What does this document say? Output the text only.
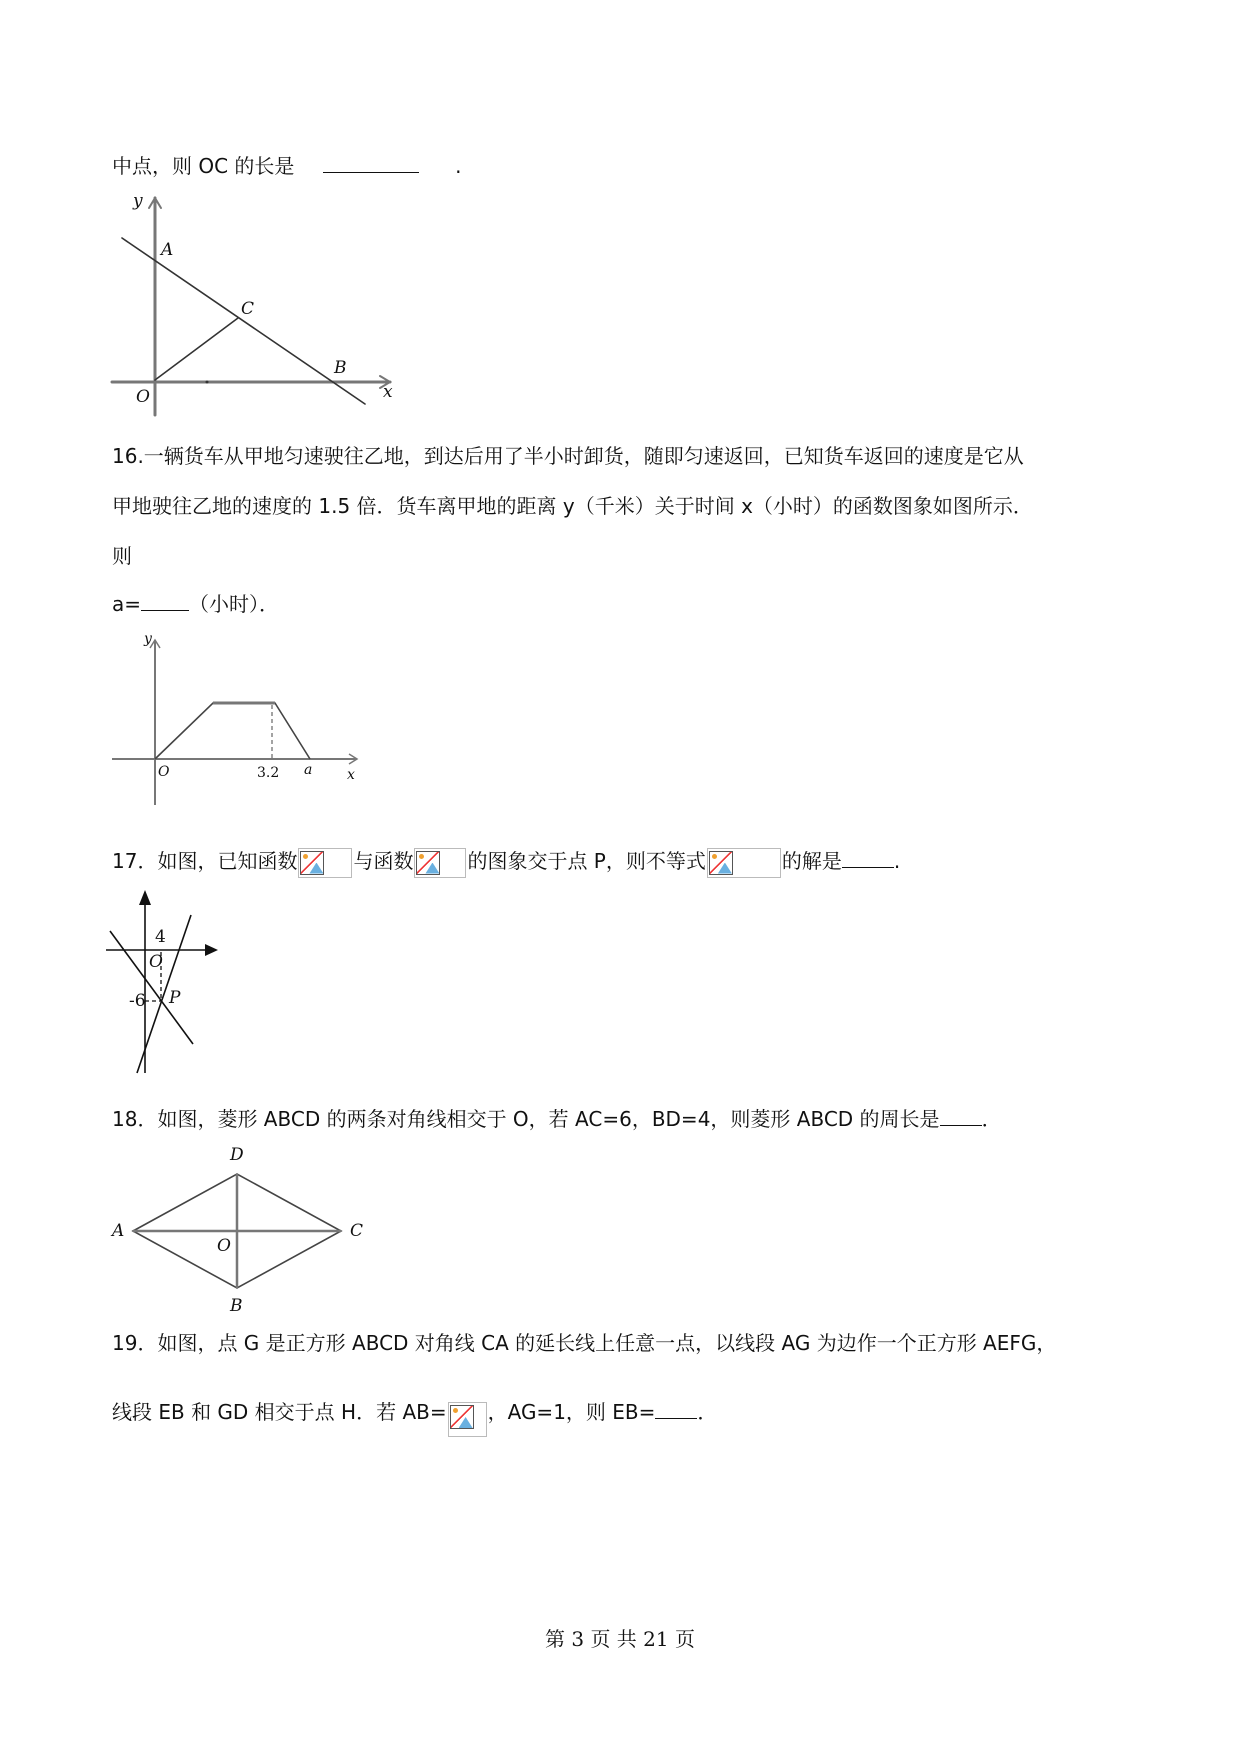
中点，则 OC 的长是	.
y
A
C
B
O	x
16.一辆货车从甲地匀速驶往乙地，到达后用了半小时卸货，随即匀速返回，已知货车返回的速度是它从
甲地驶往乙地的速度的 1.5 倍．货车离甲地的距离 y（千米）关于时间 x（小时）的函数图象如图所示．
则
a= （小时）．
y
O	3.2 a x
17．如图，已知函数	与函数	的图象交于点 P，则不等式	的解是	.
4
O
-6 P
18．如图，菱形 ABCD 的两条对角线相交于 O，若 AC=6，BD=4，则菱形 ABCD 的周长是 ．
D
A	C
O
B
19．如图，点 G 是正方形 ABCD 对角线 CA 的延长线上任意一点，以线段 AG 为边作一个正方形 AEFG，
线段 EB 和 GD 相交于点 H．若 AB= ，AG=1，则 EB= ．
第 3 页 共 21 页
